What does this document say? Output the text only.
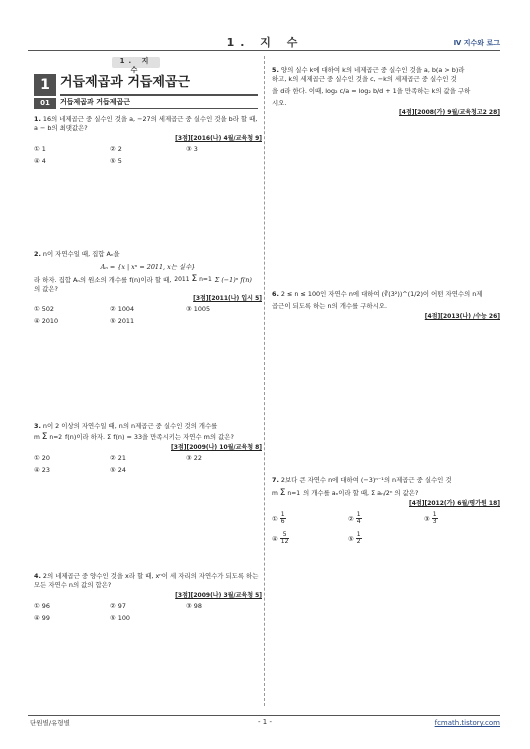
1. 지 수	Ⅳ 지수와 로그
1. 지 수
1 거듭제곱과 거듭제곱근
01	거듭제곱과 거듭제곱근
1. 16의 네제곱근 중 실수인 것을 a, −27의 세제곱근 중 실수인 것을 b라 할 때, a − b의 최댓값은?
[3점][2016(나) 4월/교육청 9]
① 1	② 2	③ 3
④ 4	⑤ 5
2. n이 자연수일 때, 집합 Aₙ을
Aₙ = {x | xⁿ = 2011, x는 실수}
라 하자. 집합 Aₙ의 원소의 개수를 f(n)이라 할 때, 2011 Σ n=1 Σ (−1)ⁿ f(n)
의 값은?
[3점][2011(나) 입시 5]
① 502	② 1004	③ 1005
④ 2010	⑤ 2011
3. n이 2 이상의 자연수일 때, n의 n제곱근 중 실수인 것의 개수를
m Σ n=2 f(n)이라 하자. Σ f(n) = 33을 만족시키는 자연수 m의 값은?
[3점][2009(나) 10월/교육청 8]
① 20	② 21	③ 22
④ 23	⑤ 24
4. 2의 네제곱근 중 양수인 것을 x라 할 때, xⁿ이 세 자리의 자연수가 되도록 하는 모든 자연수 n의 값의 합은?
[3점][2009(나) 3월/교육청 5]
① 96	② 97	③ 98
④ 99	⑤ 100
5. 양의 실수 k에 대하여 k의 네제곱근 중 실수인 것을 a, b(a > b)라
하고, k의 세제곱근 중 실수인 것을 c, −k의 세제곱근 중 실수인 것
을 d라 한다. 이때, log₂ c/a = log₂ b/d + 1을 만족하는 k의 값을 구하
시오.
[4점][2008(가) 9월/교육청고2 28]
6. 2 ≤ n ≤ 100인 자연수 n에 대하여 (∛(3²))^(1/2)이 어떤 자연수의 n제
곱근이 되도록 하는 n의 개수를 구하시오.
[4점][2013(나) /수능 26]
7. 2보다 큰 자연수 n에 대하여 (−3)ⁿ⁻¹의 n제곱근 중 실수인 것
m Σ n=1 의 개수를 aₙ이라 할 때, Σ aₙ/2ⁿ 의 값은?
[4점][2012(가) 6월/평가원 18]
① $\frac{1}{6}$	② $\frac{1}{4}$	③ $\frac{1}{3}$
④ $\frac{5}{12}$	⑤ $\frac{1}{2}$
단원별/유형별	- 1 -	fcmath.tistory.com
